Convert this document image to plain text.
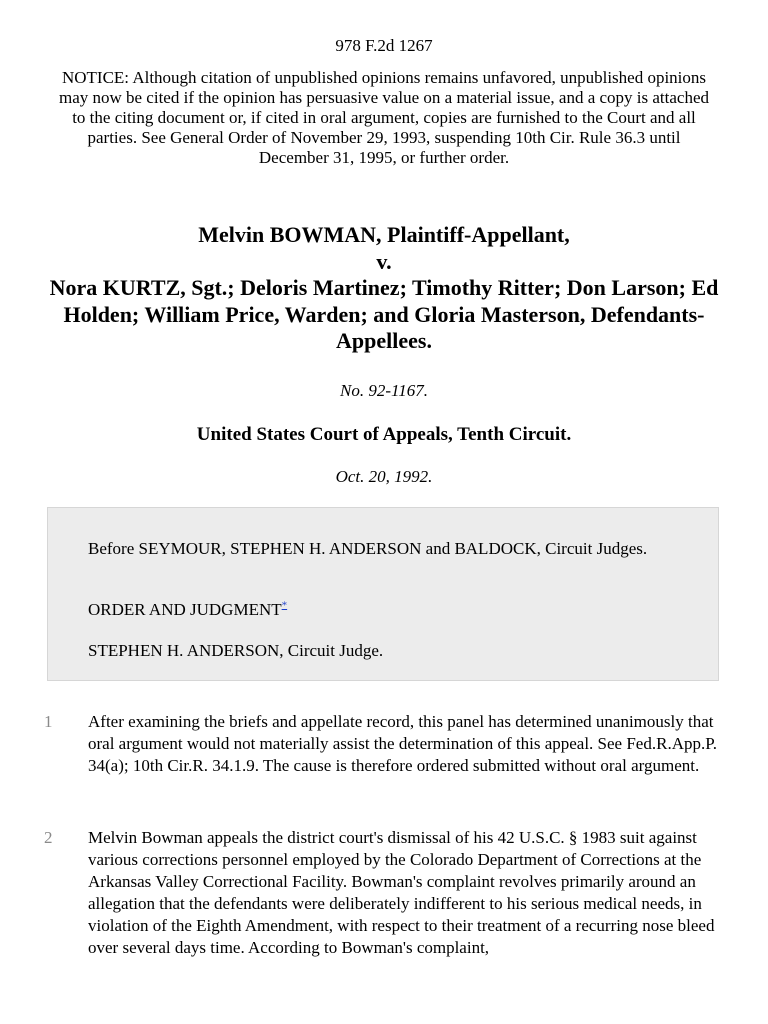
978 F.2d 1267
NOTICE: Although citation of unpublished opinions remains unfavored, unpublished opinions may now be cited if the opinion has persuasive value on a material issue, and a copy is attached to the citing document or, if cited in oral argument, copies are furnished to the Court and all parties. See General Order of November 29, 1993, suspending 10th Cir. Rule 36.3 until December 31, 1995, or further order.
Melvin BOWMAN, Plaintiff-Appellant,
v.
Nora KURTZ, Sgt.; Deloris Martinez; Timothy Ritter; Don Larson; Ed Holden; William Price, Warden; and Gloria Masterson, Defendants-Appellees.
No. 92-1167.
United States Court of Appeals, Tenth Circuit.
Oct. 20, 1992.
Before SEYMOUR, STEPHEN H. ANDERSON and BALDOCK, Circuit Judges.
ORDER AND JUDGMENT*
STEPHEN H. ANDERSON, Circuit Judge.
1	After examining the briefs and appellate record, this panel has determined unanimously that oral argument would not materially assist the determination of this appeal. See Fed.R.App.P. 34(a); 10th Cir.R. 34.1.9. The cause is therefore ordered submitted without oral argument.
2	Melvin Bowman appeals the district court's dismissal of his 42 U.S.C. § 1983 suit against various corrections personnel employed by the Colorado Department of Corrections at the Arkansas Valley Correctional Facility. Bowman's complaint revolves primarily around an allegation that the defendants were deliberately indifferent to his serious medical needs, in violation of the Eighth Amendment, with respect to their treatment of a recurring nose bleed over several days time. According to Bowman's complaint,
